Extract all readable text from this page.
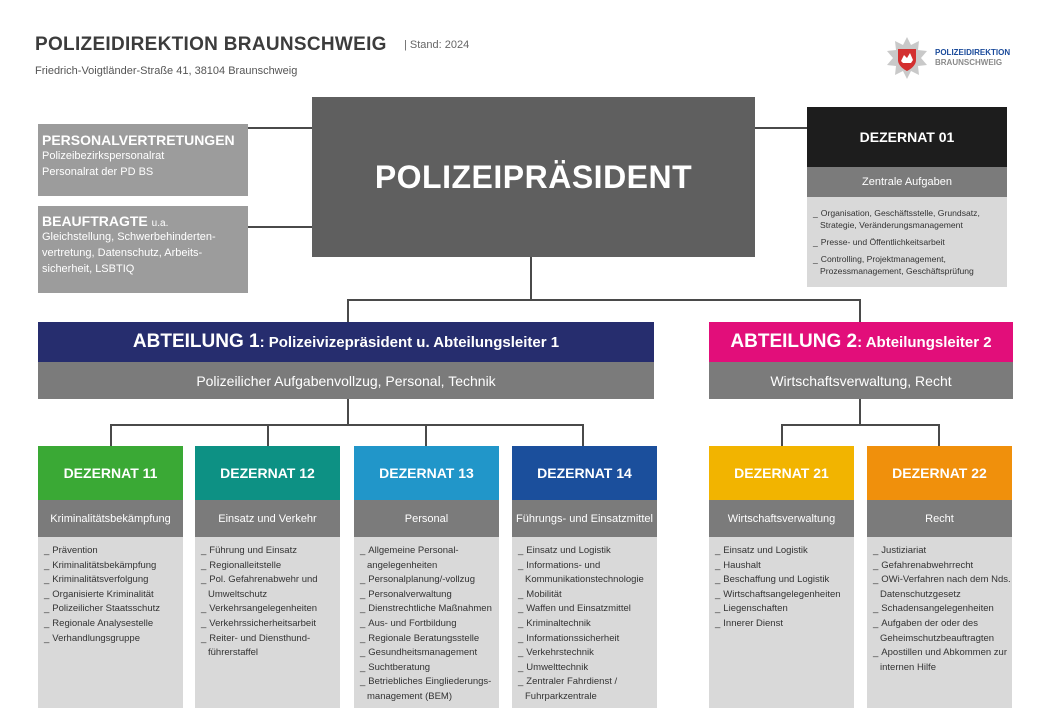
POLIZEIDIREKTION BRAUNSCHWEIG | Stand: 2024
Friedrich-Voigtländer-Straße 41, 38104 Braunschweig
POLIZEIDIREKTION
BRAUNSCHWEIG
PERSONALVERTRETUNGEN
Polizeibezirkspersonalrat
Personalrat der PD BS
BEAUFTRAGTE u.a.
Gleichstellung, Schwerbehinderten-
vertretung, Datenschutz, Arbeits-
sicherheit, LSBTIQ
POLIZEIPRÄSIDENT
DEZERNAT 01
Zentrale Aufgaben
_ Organisation, Geschäftsstelle, Grundsatz, Strategie, Veränderungsmanagement
_ Presse- und Öffentlichkeitsarbeit
_ Controlling, Projektmanagement, Prozessmanagement, Geschäftsprüfung
ABTEILUNG 1 : Polizeivizepräsident u. Abteilungsleiter 1
Polizeilicher Aufgabenvollzug, Personal, Technik
ABTEILUNG 2 : Abteilungsleiter 2
Wirtschaftsverwaltung, Recht
DEZERNAT 11
Kriminalitätsbekämpfung
_ Prävention
_ Kriminalitätsbekämpfung
_ Kriminalitätsverfolgung
_ Organisierte Kriminalität
_ Polizeilicher Staatsschutz
_ Regionale Analysestelle
_ Verhandlungsgruppe
DEZERNAT 12
Einsatz und Verkehr
_ Führung und Einsatz
_ Regionalleitstelle
_ Pol. Gefahrenabwehr und Umweltschutz
_ Verkehrsangelegenheiten
_ Verkehrssicherheitsarbeit
_ Reiter- und Diensthund-führerstaffel
DEZERNAT 13
Personal
_ Allgemeine Personal-angelegenheiten
_ Personalplanung/-vollzug
_ Personalverwaltung
_ Dienstrechtliche Maßnahmen
_ Aus- und Fortbildung
_ Regionale Beratungsstelle
_ Gesundheitsmanagement
_ Suchtberatung
_ Betriebliches Eingliederungs-management (BEM)
DEZERNAT 14
Führungs- und Einsatzmittel
_ Einsatz und Logistik
_ Informations- und Kommunikationstechnologie
_ Mobilität
_ Waffen und Einsatzmittel
_ Kriminaltechnik
_ Informationssicherheit
_ Verkehrstechnik
_ Umwelttechnik
_ Zentraler Fahrdienst / Fuhrparkzentrale
DEZERNAT 21
Wirtschaftsverwaltung
_ Einsatz und Logistik
_ Haushalt
_ Beschaffung und Logistik
_ Wirtschaftsangelegenheiten
_ Liegenschaften
_ Innerer Dienst
DEZERNAT 22
Recht
_ Justiziariat
_ Gefahrenabwehrrecht
_ OWi-Verfahren nach dem Nds. Datenschutzgesetz
_ Schadensangelegenheiten
_ Aufgaben der oder des Geheimschutzbeauftragten
_ Apostillen und Abkommen zur internen Hilfe
